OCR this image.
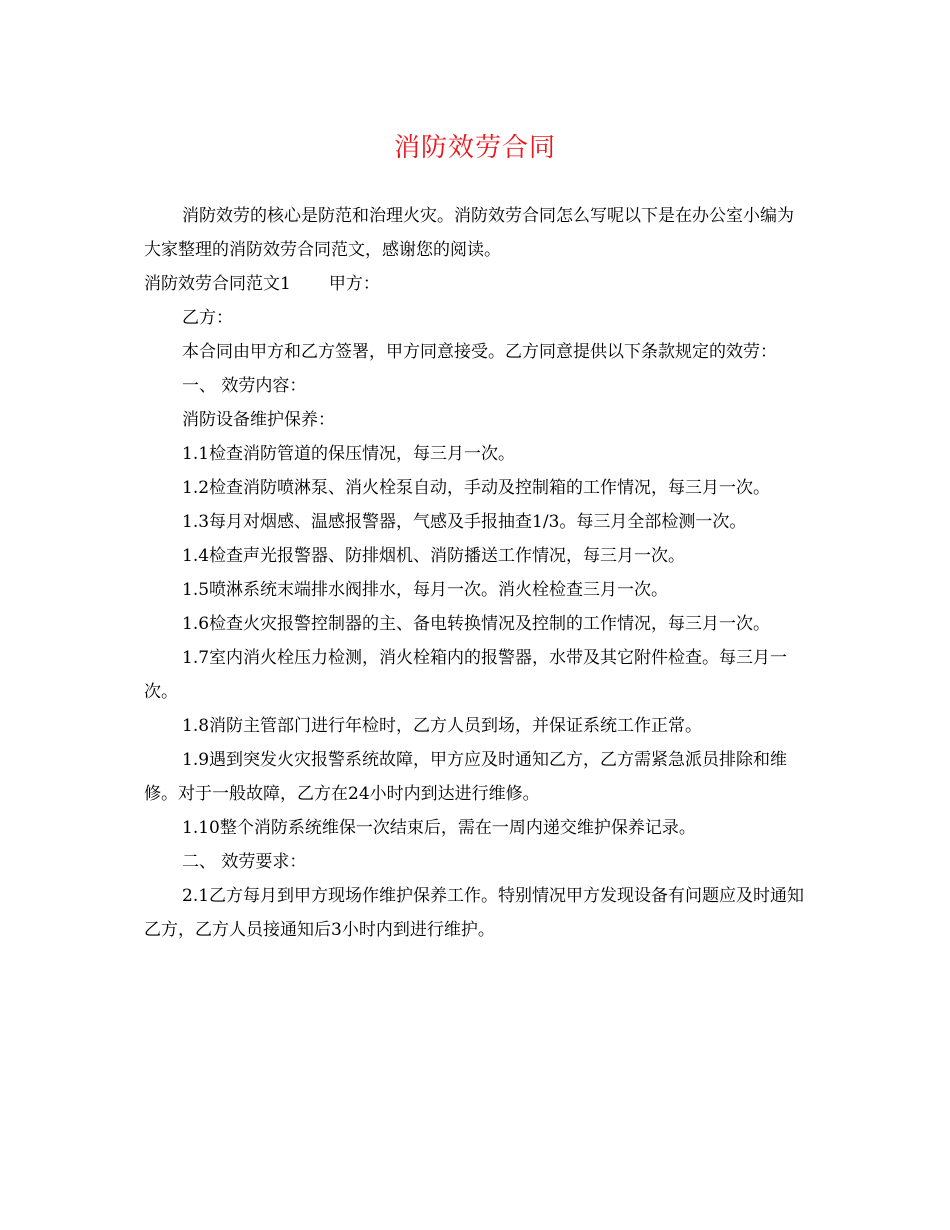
消防效劳合同

消防效劳的核心是防范和治理火灾。消防效劳合同怎么写呢以下是在办公室小编为大家整理的消防效劳合同范文，感谢您的阅读。

消防效劳合同范文1 甲方：

乙方：

本合同由甲方和乙方签署，甲方同意接受。乙方同意提供以下条款规定的效劳：

一、 效劳内容：

消防设备维护保养：

1.1检查消防管道的保压情况，每三月一次。

1.2检查消防喷淋泵、消火栓泵自动，手动及控制箱的工作情况，每三月一次。

1.3每月对烟感、温感报警器，气感及手报抽查1/3。每三月全部检测一次。

1.4检查声光报警器、防排烟机、消防播送工作情况，每三月一次。

1.5喷淋系统末端排水阀排水，每月一次。消火栓检查三月一次。

1.6检查火灾报警控制器的主、备电转换情况及控制的工作情况，每三月一次。

1.7室内消火栓压力检测，消火栓箱内的报警器，水带及其它附件检查。每三月一次。

1.8消防主管部门进行年检时，乙方人员到场，并保证系统工作正常。

1.9遇到突发火灾报警系统故障，甲方应及时通知乙方，乙方需紧急派员排除和维修。对于一般故障，乙方在24小时内到达进行维修。

1.10整个消防系统维保一次结束后，需在一周内递交维护保养记录。

二、 效劳要求：

2.1乙方每月到甲方现场作维护保养工作。特别情况甲方发现设备有问题应及时通知乙方，乙方人员接通知后3小时内到进行维护。
